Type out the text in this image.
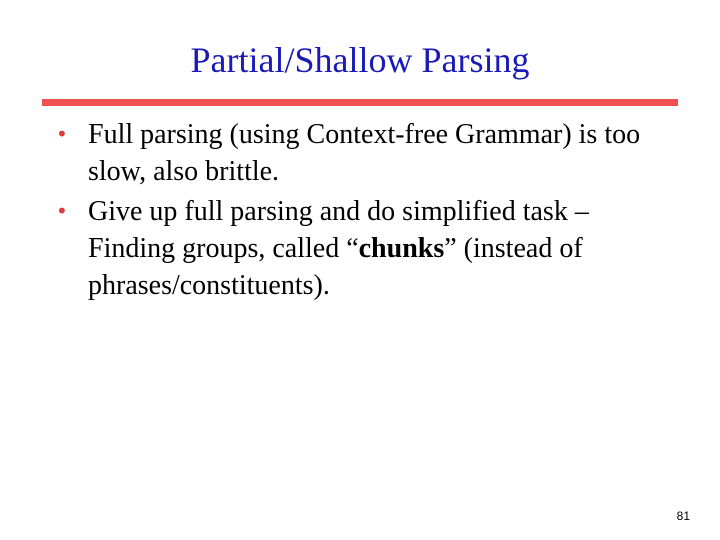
Partial/Shallow Parsing
• Full parsing (using Context-free Grammar) is too slow, also brittle.
• Give up full parsing and do simplified task – Finding groups, called “chunks” (instead of phrases/constituents).
81
